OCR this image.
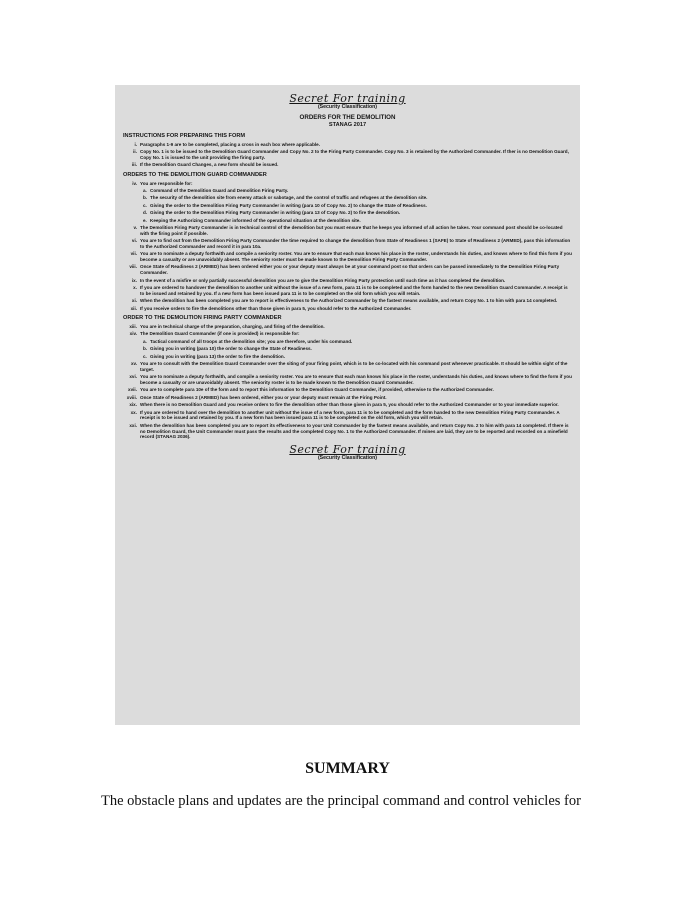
Secret For training
(Security Classification)
ORDERS FOR THE DEMOLITION
STANAG 2017
INSTRUCTIONS FOR PREPARING THIS FORM
i. Paragraphs 1-9 are to be completed, placing a cross in each box where applicable.
ii. Copy No. 1 is to be issued to the Demolition Guard Commander and Copy No. 2 to the Firing Party Commander. Copy No. 3 is retained by the Authorized Commander. If ther is no Demolition Guard, Copy No. 1 is issued to the unit providing the firing party.
iii. If the Demolition Guard Changes, a new form should be issued.
ORDERS TO THE DEMOLITION GUARD COMMANDER
iv. You are responsible for:
a. Command of the Demolition Guard and Demolition Firing Party.
b. The security of the demolition site from enemy attack or sabotage, and the control of traffic and refugees at the demolition site.
c. Giving the order to the Demolition Firing Party Commander in writing (para 10 of Copy No. 2) to change the State of Readiness.
d. Giving the order to the Demolition Firing Party Commander in writing (para 13 of Copy No. 2) to fire the demolition.
e. Keeping the Authorizing Commander informed of the operational situation at the demolition site.
v. The Demolition Firing Party Commander is in technical control of the demolition but you must ensure that he keeps you informed of all action he takes. Your command post should be co-located with the firing point if possible.
vi. You are to find out from the Demolition Firing Party Commander the time required to change the demolition from State of Readiness 1 (SAFE) to State of Readiness 2 (ARMED), pass this information to the Authorized Commander and record it in para 10a.
vii. You are to nominate a deputy forthwith and compile a seniority roster. You are to ensure that each man knows his place in the roster, understands his duties, and knows where to find this form if you become a casualty or are unavoidably absent. The seniority roster must be made known to the Demolition Firing Party Commander.
viii. Once State of Readiness 2 (ARMED) has been ordered either you or your deputy must always be at your command post so that orders can be passed immediately to the Demolition Firing Party Commander.
ix. In the event of a misfire or only partially successful demolition you are to give the Demolition Firing Party protection until such time as it has completed the demolition.
x. If you are ordered to handover the demolition to another unit without the issue of a new form, para 11 is to be completed and the form handed to the new Demolition Guard Commander. A receipt is to be issued and retained by you. If a new form has been issued para 11 is to be completed on the old form which you will retain.
xi. When the demolition has been completed you are to report is effectiveness to the Authorized Commander by the fastest means available, and return Copy No. 1 to him with para 14 completed.
xii. If you receive orders to fire the demolitions other than those given in para 5, you should refer to the Authorized Commander.
ORDER TO THE DEMOLITION FIRING PARTY COMMANDER
xiii. You are in technical charge of the preparation, charging, and firing of the demolition.
xiv. The Demolition Guard Commander (if one is provided) is responsible for:
a. Tactical command of all troops at the demolition site; you are therefore, under his command.
b. Giving you in writing (para 10) the order to change the State of Readiness.
c. Giving you in writing (para 13) the order to fire the demolition.
xv. You are to consult with the Demolition Guard Commander over the siting of your firing point, which is to be co-located with his command post whenever practicable. It should be within sight of the target.
xvi. You are to nominate a deputy forthwith, and compile a seniority roster. You are to ensure that each man knows his place in the roster, understands his duties, and knows where to find the form if you become a casualty or are unavoidably absent. The seniority roster is to be made known to the Demolition Guard Commander.
xvii. You are to complete para 10e of the form and to report this information to the Demolition Guard Commander, if provided, otherwise to the Authorized Commander.
xviii. Once State of Readiness 2 (ARMED) has been ordered, either you or your deputy must remain at the Firing Point.
xix. When there is no Demolition Guard and you receive orders to fire the demolition other than those given in para 5, you should refer to the Authorized Commander or to your immediate superior.
xx. If you are ordered to hand over the demolition to another unit without the issue of a new form, para 11 is to be completed and the form handed to the new Demolition Firing Party Commander. A receipt is to be issued and retained by you. If a new form has been issued para 11 is to be completed on the old form, which you will retain.
xxi. When the demolition has been completed you are to report its effectiveness to your Unit Commander by the fastest means available, and return Copy No. 2 to him with para 14 completed. If there is no Demolition Guard, the Unit Commander must pass the results and the completed Copy No. 1 to the Authorized Commander. If mines are laid, they are to be reported and recorded on a minefield record (STANAG 2036).
Secret For training
(Security Classification)
SUMMARY
The obstacle plans and updates are the principal command and control vehicles for
